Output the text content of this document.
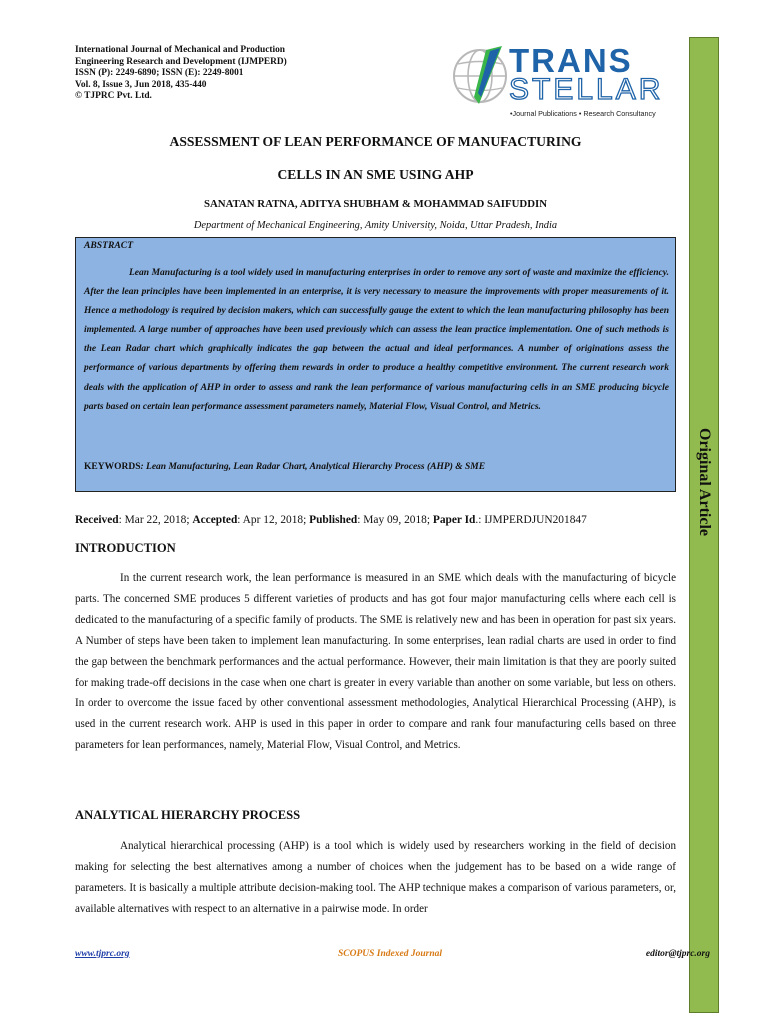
International Journal of Mechanical and Production
Engineering Research and Development (IJMPERD)
ISSN (P): 2249-6890; ISSN (E): 2249-8001
Vol. 8, Issue 3, Jun 2018, 435-440
© TJPRC Pvt. Ltd.
TRANS
STELLAR
•Journal Publications • Research Consultancy
Original Article
ASSESSMENT OF LEAN PERFORMANCE OF MANUFACTURING
CELLS IN AN SME USING AHP
SANATAN RATNA, ADITYA SHUBHAM & MOHAMMAD SAIFUDDIN
Department of Mechanical Engineering, Amity University, Noida, Uttar Pradesh, India
ABSTRACT
Lean Manufacturing is a tool widely used in manufacturing enterprises in order to remove any sort of waste and maximize the efficiency. After the lean principles have been implemented in an enterprise, it is very necessary to measure the improvements with proper measurements of it. Hence a methodology is required by decision makers, which can successfully gauge the extent to which the lean manufacturing philosophy has been implemented. A large number of approaches have been used previously which can assess the lean practice implementation. One of such methods is the Lean Radar chart which graphically indicates the gap between the actual and ideal performances. A number of originations assess the performance of various departments by offering them rewards in order to produce a healthy competitive environment. The current research work deals with the application of AHP in order to assess and rank the lean performance of various manufacturing cells in an SME producing bicycle parts based on certain lean performance assessment parameters namely, Material Flow, Visual Control, and Metrics.
KEYWORDS: Lean Manufacturing, Lean Radar Chart, Analytical Hierarchy Process (AHP) & SME
Received: Mar 22, 2018; Accepted: Apr 12, 2018; Published: May 09, 2018; Paper Id.: IJMPERDJUN201847
INTRODUCTION
In the current research work, the lean performance is measured in an SME which deals with the manufacturing of bicycle parts. The concerned SME produces 5 different varieties of products and has got four major manufacturing cells where each cell is dedicated to the manufacturing of a specific family of products. The SME is relatively new and has been in operation for past six years. A Number of steps have been taken to implement lean manufacturing. In some enterprises, lean radial charts are used in order to find the gap between the benchmark performances and the actual performance. However, their main limitation is that they are poorly suited for making trade-off decisions in the case when one chart is greater in every variable than another on some variable, but less on others. In order to overcome the issue faced by other conventional assessment methodologies, Analytical Hierarchical Processing (AHP), is used in the current research work. AHP is used in this paper in order to compare and rank four manufacturing cells based on three parameters for lean performances, namely, Material Flow, Visual Control, and Metrics.
ANALYTICAL HIERARCHY PROCESS
Analytical hierarchical processing (AHP) is a tool which is widely used by researchers working in the field of decision making for selecting the best alternatives among a number of choices when the judgement has to be based on a wide range of parameters. It is basically a multiple attribute decision-making tool. The AHP technique makes a comparison of various parameters, or, available alternatives with respect to an alternative in a pairwise mode. In order
www.tjprc.org	SCOPUS Indexed Journal	editor@tjprc.org
